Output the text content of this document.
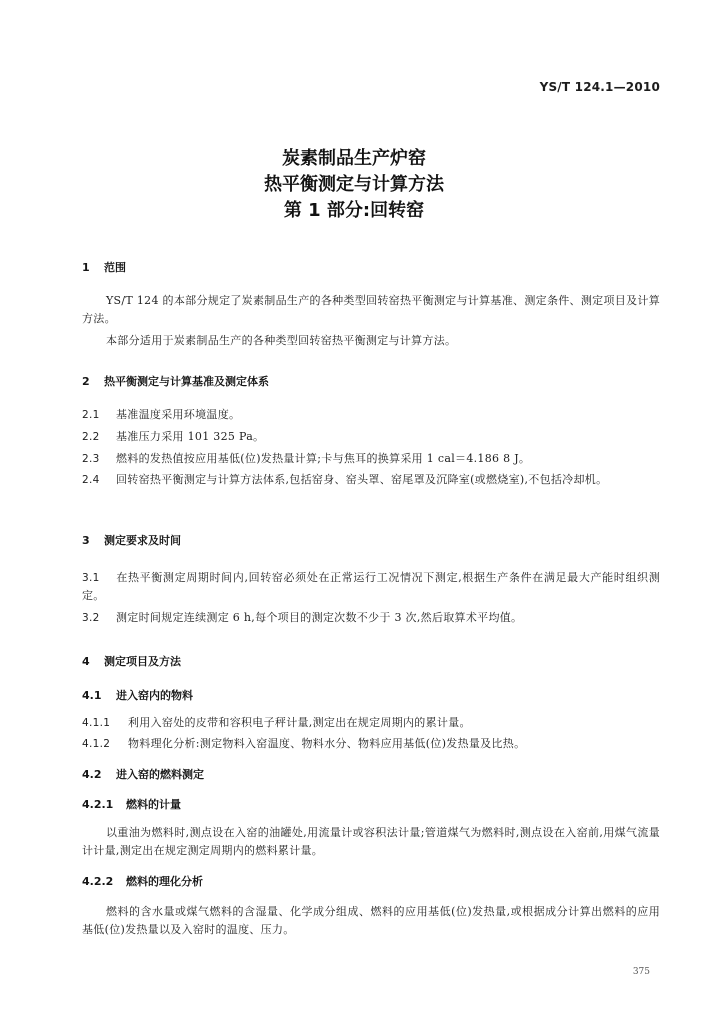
YS/T 124.1—2010
炭素制品生产炉窑
热平衡测定与计算方法
第 1 部分:回转窑
1 范围
YS/T 124 的本部分规定了炭素制品生产的各种类型回转窑热平衡测定与计算基准、测定条件、测定项目及计算方法。
本部分适用于炭素制品生产的各种类型回转窑热平衡测定与计算方法。
2 热平衡测定与计算基准及测定体系
2.1 基准温度采用环境温度。
2.2 基准压力采用 101 325 Pa。
2.3 燃料的发热值按应用基低(位)发热量计算;卡与焦耳的换算采用 1 cal＝4.186 8 J。
2.4 回转窑热平衡测定与计算方法体系,包括窑身、窑头罩、窑尾罩及沉降室(或燃烧室),不包括冷却机。
3 测定要求及时间
3.1 在热平衡测定周期时间内,回转窑必须处在正常运行工况情况下测定,根据生产条件在满足最大产能时组织测定。
3.2 测定时间规定连续测定 6 h,每个项目的测定次数不少于 3 次,然后取算术平均值。
4 测定项目及方法
4.1 进入窑内的物料
4.1.1 利用入窑处的皮带和容积电子秤计量,测定出在规定周期内的累计量。
4.1.2 物料理化分析:测定物料入窑温度、物料水分、物料应用基低(位)发热量及比热。
4.2 进入窑的燃料测定
4.2.1 燃料的计量
以重油为燃料时,测点设在入窑的油罐处,用流量计或容积法计量;管道煤气为燃料时,测点设在入窑前,用煤气流量计计量,测定出在规定测定周期内的燃料累计量。
4.2.2 燃料的理化分析
燃料的含水量或煤气燃料的含湿量、化学成分组成、燃料的应用基低(位)发热量,或根据成分计算出燃料的应用基低(位)发热量以及入窑时的温度、压力。
375
